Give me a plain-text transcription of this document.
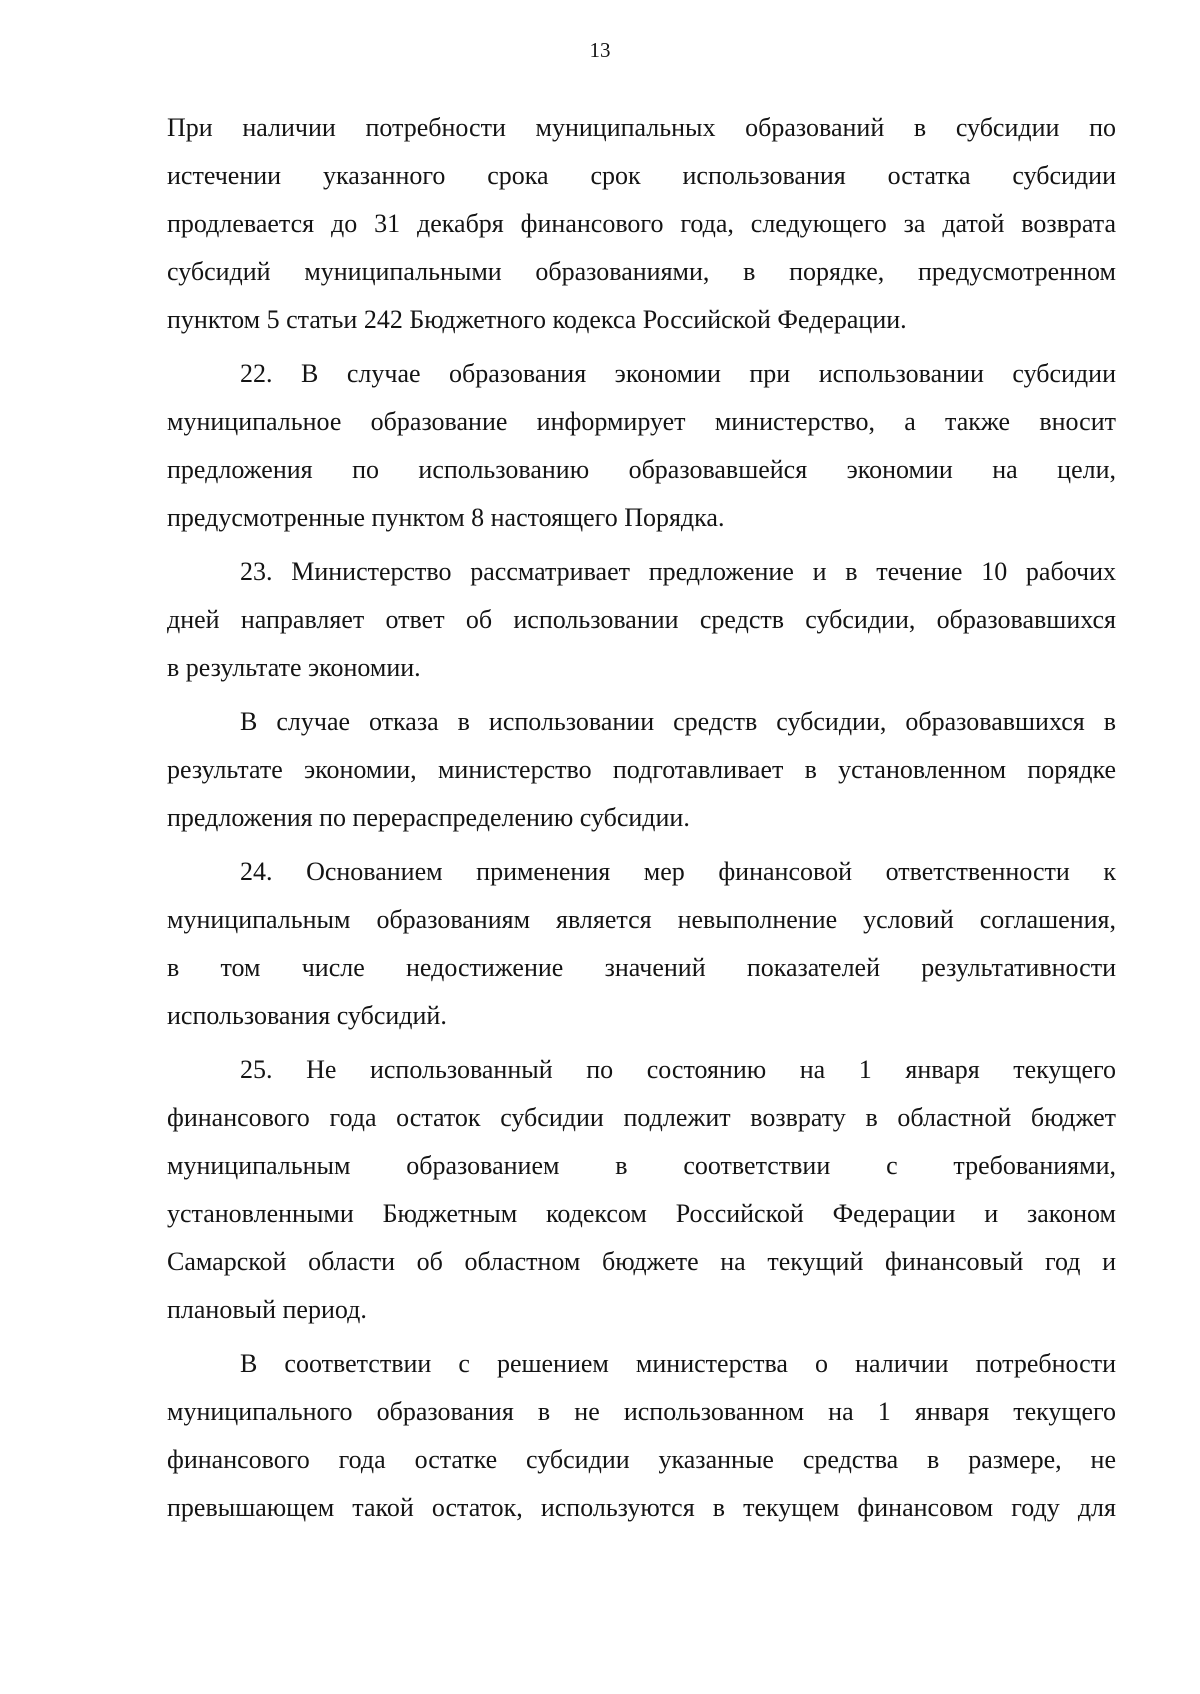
13

При наличии потребности муниципальных образований в субсидии по
истечении указанного срока срок использования остатка субсидии
продлевается до 31 декабря финансового года, следующего за датой возврата
субсидий муниципальными образованиями, в порядке, предусмотренном
пунктом 5 статьи 242 Бюджетного кодекса Российской Федерации.

22. В случае образования экономии при использовании субсидии
муниципальное образование информирует министерство, а также вносит
предложения по использованию образовавшейся экономии на цели,
предусмотренные пунктом 8 настоящего Порядка.

23. Министерство рассматривает предложение и в течение 10 рабочих
дней направляет ответ об использовании средств субсидии, образовавшихся
в результате экономии.

В случае отказа в использовании средств субсидии, образовавшихся в
результате экономии, министерство подготавливает в установленном порядке
предложения по перераспределению субсидии.

24. Основанием применения мер финансовой ответственности к
муниципальным образованиям является невыполнение условий соглашения,
в том числе недостижение значений показателей результативности
использования субсидий.

25. Не использованный по состоянию на 1 января текущего
финансового года остаток субсидии подлежит возврату в областной бюджет
муниципальным образованием в соответствии с требованиями,
установленными Бюджетным кодексом Российской Федерации и законом
Самарской области об областном бюджете на текущий финансовый год и
плановый период.

В соответствии с решением министерства о наличии потребности
муниципального образования в не использованном на 1 января текущего
финансового года остатке субсидии указанные средства в размере, не
превышающем такой остаток, используются в текущем финансовом году для
